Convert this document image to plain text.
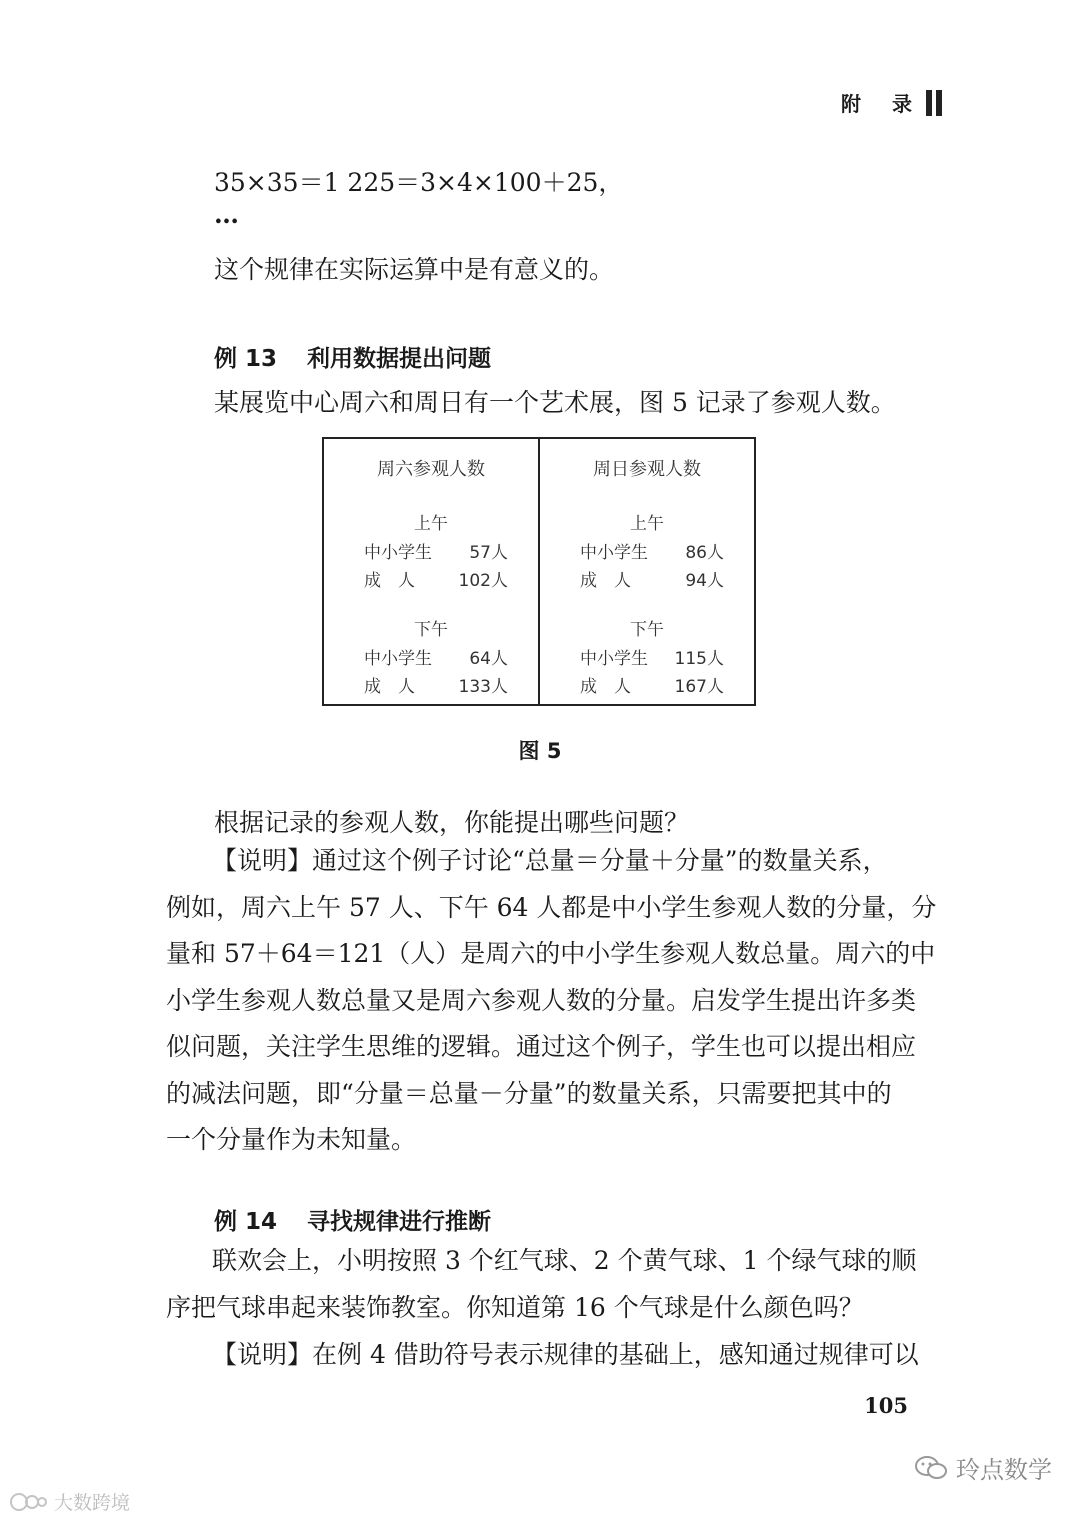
附 录
35×35＝1 225＝3×4×100＋25，
…
这个规律在实际运算中是有意义的。
例 13 利用数据提出问题
某展览中心周六和周日有一个艺术展，图 5 记录了参观人数。
周六参观人数
上午
中小学生 57人
成　人	102人
下午
中小学生 64人
成　人	133人
周日参观人数
上午
中小学生 86人
成　人	94人
下午
中小学生 115人
成　人	167人
图 5
根据记录的参观人数，你能提出哪些问题？
【说明】通过这个例子讨论“总量＝分量＋分量”的数量关系，
例如，周六上午 57 人、下午 64 人都是中小学生参观人数的分量，分
量和 57＋64＝121（人）是周六的中小学生参观人数总量。周六的中
小学生参观人数总量又是周六参观人数的分量。启发学生提出许多类
似问题，关注学生思维的逻辑。通过这个例子，学生也可以提出相应
的减法问题，即“分量＝总量－分量”的数量关系，只需要把其中的
一个分量作为未知量。
例 14 寻找规律进行推断
联欢会上，小明按照 3 个红气球、2 个黄气球、1 个绿气球的顺
序把气球串起来装饰教室。你知道第 16 个气球是什么颜色吗？
【说明】在例 4 借助符号表示规律的基础上，感知通过规律可以
105
大数跨境
玲点数学
